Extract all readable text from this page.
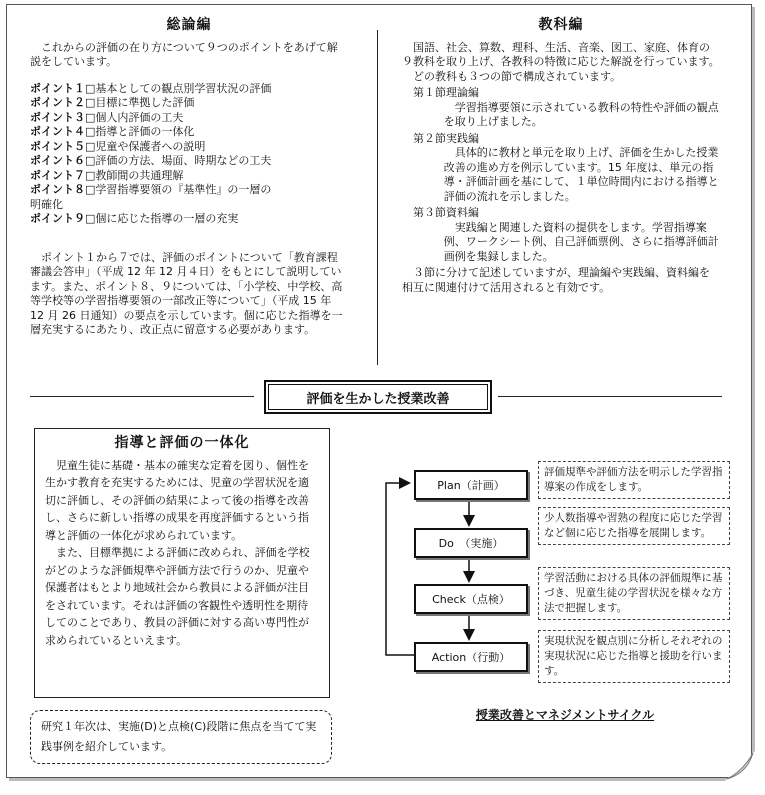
総論編

これからの評価の在り方について９つのポイントをあげて解説をしています。

ポイント１ □基本としての観点別学習状況の評価
ポイント２ □目標に準拠した評価
ポイント３ □個人内評価の工夫
ポイント４ □指導と評価の一体化
ポイント５ □児童や保護者への説明
ポイント６ □評価の方法、場面、時期などの工夫
ポイント７ □教師間の共通理解
ポイント８ □学習指導要領の『基準性』の一層の
明確化
ポイント９ □個に応じた指導の一層の充実

ポイント１から７では、評価のポイントについて「教育課程審議会答申」（平成 12 年 12 月４日）をもとにして説明しています。また、ポイント８、９については、「小学校、中学校、高等学校等の学習指導要領の一部改正等について」（平成 15 年 12 月 26 日通知）の要点を示しています。個に応じた指導を一層充実するにあたり、改正点に留意する必要があります。

教科編

国語、社会、算数、理科、生活、音楽、図工、家庭、体育の９教科を取り上げ、各教科の特徴に応じた解説を行っています。

どの教科も３つの節で構成されています。

第１節 理論編

学習指導要領に示されている教科の特性や評価の観点を取り上げました。

第２節 実践編

具体的に教材と単元を取り上げ、評価を生かした授業改善の進め方を例示しています。15 年度は、単元の指導・評価計画を基にして、１単位時間内における指導と評価の流れを示しました。

第３節 資料編

実践編と関連した資料の提供をします。学習指導案例、ワークシート例、自己評価票例、さらに指導評価計画例を集録しました。

３節に分けて記述していますが、理論編や実践編、資料編を相互に関連付けて活用されると有効です。

評価を生かした授業改善
指導と評価の一体化

児童生徒に基礎・基本の確実な定着を図り、個性を生かす教育を充実するためには、児童の学習状況を適切に評価し、その評価の結果によって後の指導を改善し、さらに新しい指導の成果を再度評価するという指導と評価の一体化が求められています。

また、目標準拠による評価に改められ、評価を学校がどのような評価規準や評価方法で行うのか、児童や保護者はもとより地域社会から教員による評価が注目をされています。それは評価の客観性や透明性を期待してのことであり、教員の評価に対する高い専門性が求められているといえます。

研究１年次は、実施(D)と点検(C)段階に焦点を当てて実践事例を紹介しています。
Plan（計画）
Do　（実施）
Check（点検）
Action（行動）
評価規準や評価方法を明示した学習指導案の作成をします。
少人数指導や習熟の程度に応じた学習など個に応じた指導を展開します。
学習活動における具体の評価規準に基づき、児童生徒の学習状況を様々な方法で把握します。
実現状況を観点別に分析しそれぞれの実現状況に応じた指導と援助を行います。
授業改善とマネジメントサイクル
